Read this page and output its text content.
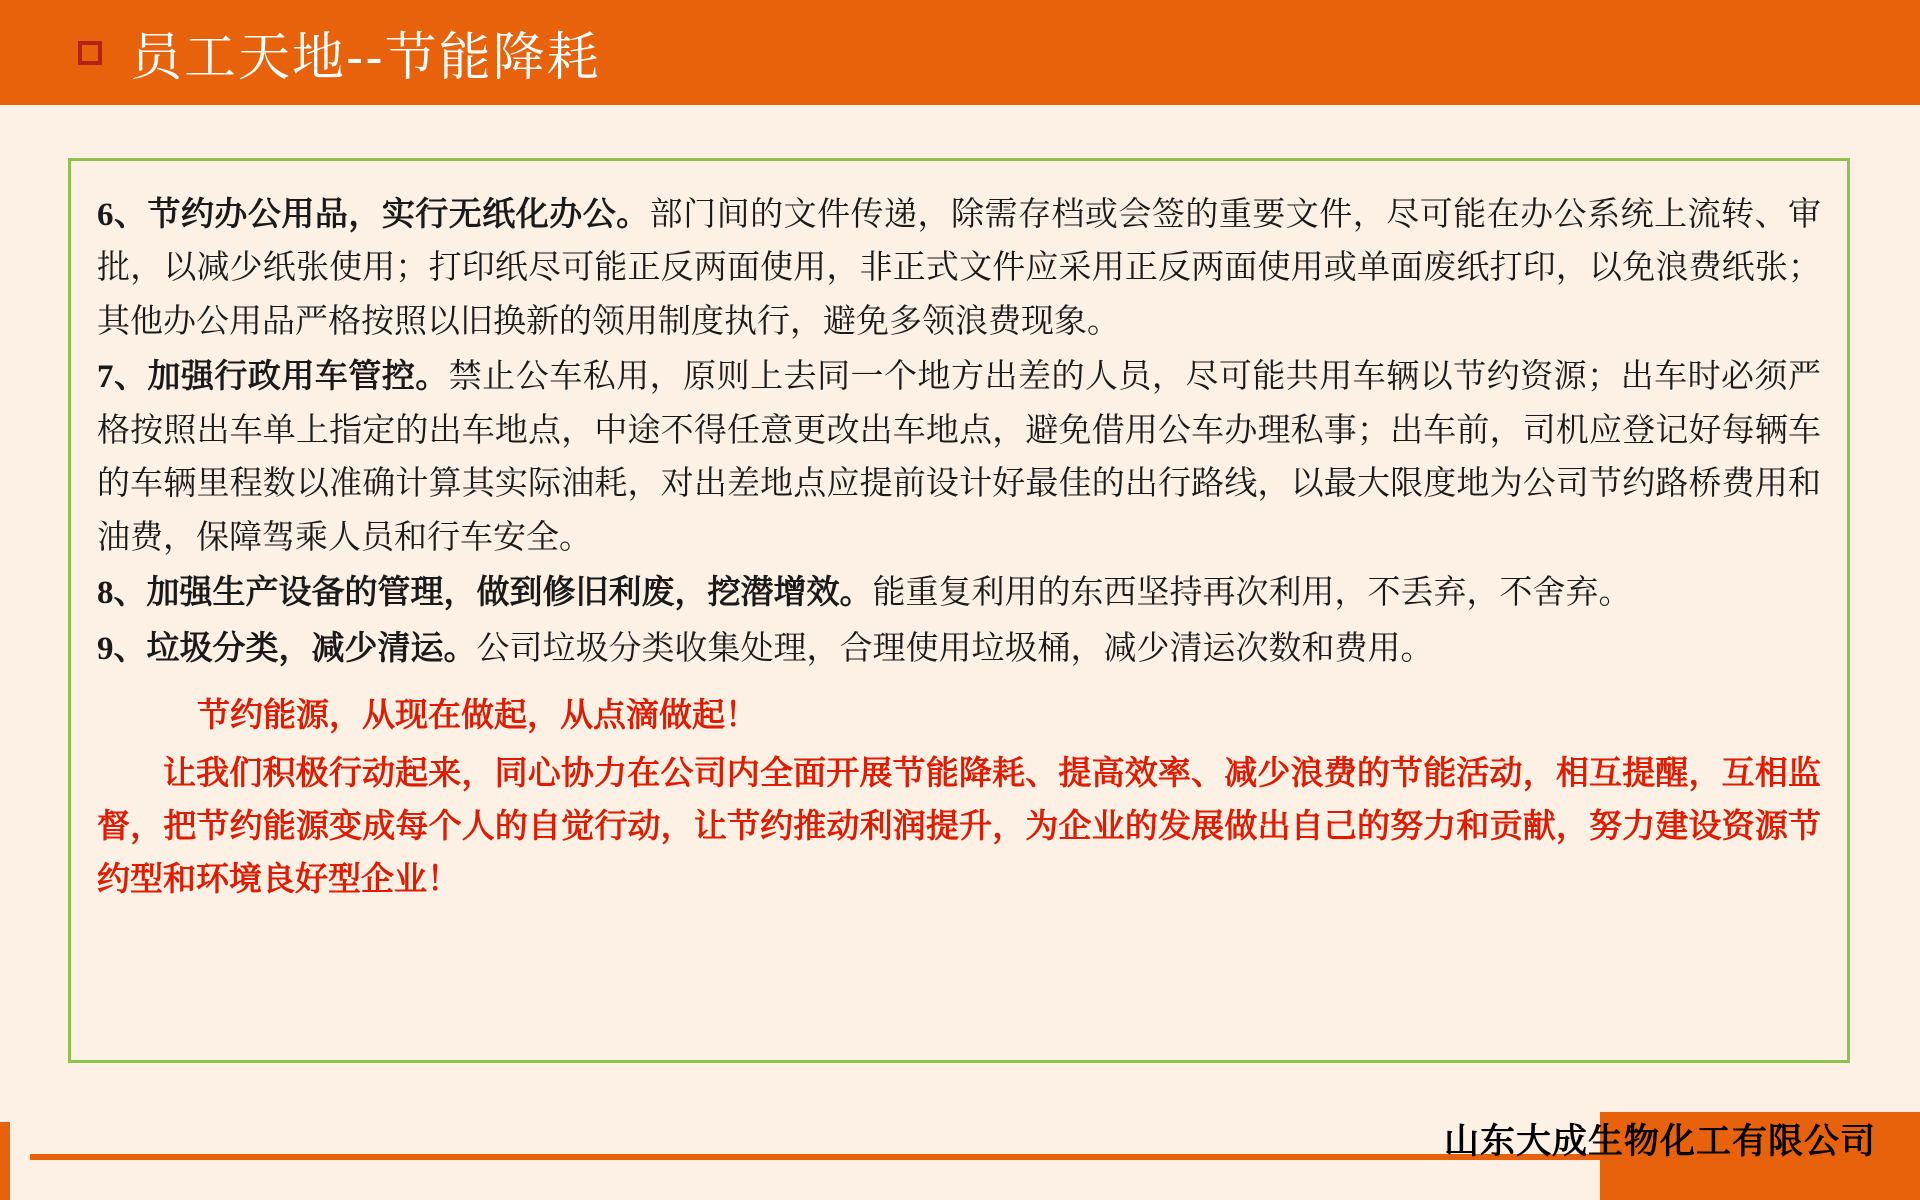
员工天地--节能降耗

6、节约办公用品，实行无纸化办公。部门间的文件传递，除需存档或会签的重要文件，尽可能在办公系统上流转、审批，以减少纸张使用；打印纸尽可能正反两面使用，非正式文件应采用正反两面使用或单面废纸打印，以免浪费纸张；其他办公用品严格按照以旧换新的领用制度执行，避免多领浪费现象。

7、加强行政用车管控。禁止公车私用，原则上去同一个地方出差的人员，尽可能共用车辆以节约资源；出车时必须严格按照出车单上指定的出车地点，中途不得任意更改出车地点，避免借用公车办理私事；出车前，司机应登记好每辆车的车辆里程数以准确计算其实际油耗，对出差地点应提前设计好最佳的出行路线，以最大限度地为公司节约路桥费用和油费，保障驾乘人员和行车安全。

8、加强生产设备的管理，做到修旧利废，挖潜增效。能重复利用的东西坚持再次利用，不丢弃，不舍弃。

9、垃圾分类，减少清运。公司垃圾分类收集处理，合理使用垃圾桶，减少清运次数和费用。

节约能源，从现在做起，从点滴做起！

让我们积极行动起来，同心协力在公司内全面开展节能降耗、提高效率、减少浪费的节能活动，相互提醒，互相监督，把节约能源变成每个人的自觉行动，让节约推动利润提升，为企业的发展做出自己的努力和贡献，努力建设资源节约型和环境良好型企业！

山东大成生物化工有限公司
